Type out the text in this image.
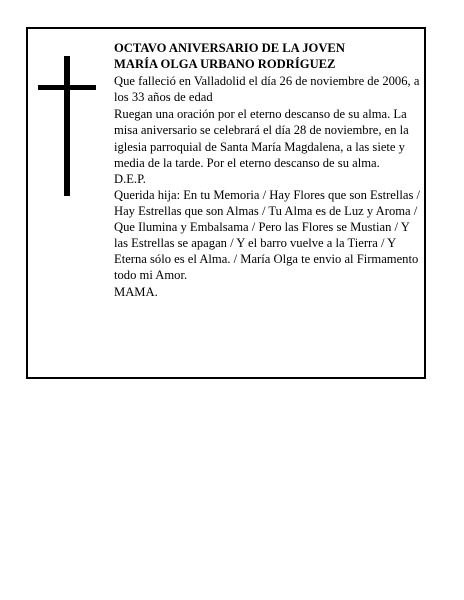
OCTAVO ANIVERSARIO DE LA JOVEN

MARÍA OLGA URBANO RODRÍGUEZ

Que falleció en Valladolid el día 26 de noviembre de 2006, a los 33 años de edad

Ruegan una oración por el eterno descanso de su alma. La misa aniversario se celebrará el día 28 de noviembre, en la iglesia parroquial de Santa María Magdalena, a las siete y media de la tarde. Por el eterno descanso de su alma.

D.E.P.

Querida hija: En tu Memoria / Hay Flores que son Estrellas / Hay Estrellas que son Almas / Tu Alma es de Luz y Aroma / Que Ilumina y Embalsama / Pero las Flores se Mustian / Y las Estrellas se apagan / Y el barro vuelve a la Tierra / Y Eterna sólo es el Alma. / María Olga te envio al Firmamento todo mi Amor.

MAMA.
